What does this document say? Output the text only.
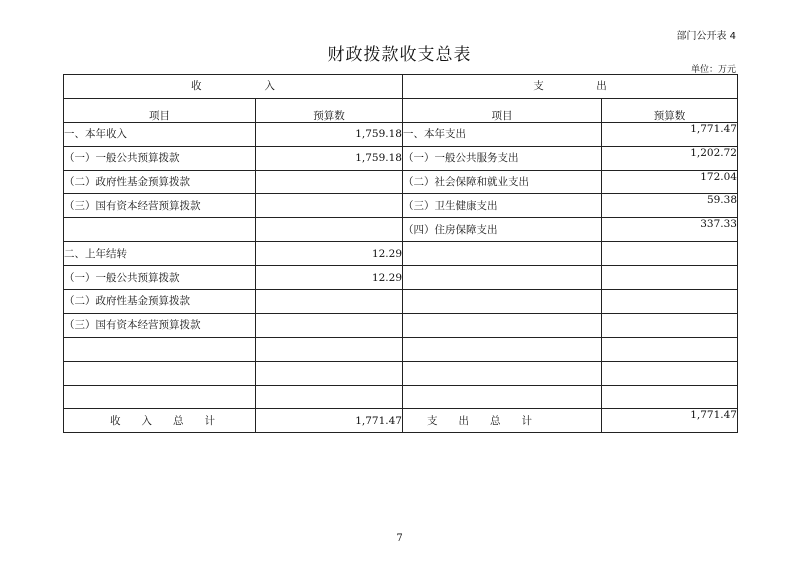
部门公开表 4
财政拨款收支总表
单位：万元
收　　　　　　入		支　　　　　出	
项目	预算数	项目	预算数
一、本年收入	1,759.18	一、本年支出	1,771.47
（一）一般公共预算拨款	1,759.18	（一）一般公共服务支出	1,202.72
（二）政府性基金预算拨款		（二）社会保障和就业支出	172.04
（三）国有资本经营预算拨款		（三）卫生健康支出	59.38
		（四）住房保障支出	337.33
二、上年结转	12.29		
（一）一般公共预算拨款	12.29		
（二）政府性基金预算拨款			
（三）国有资本经营预算拨款			

收　　入　　总　　计	1,771.47	支　　出　　总　　计	1,771.47
7
